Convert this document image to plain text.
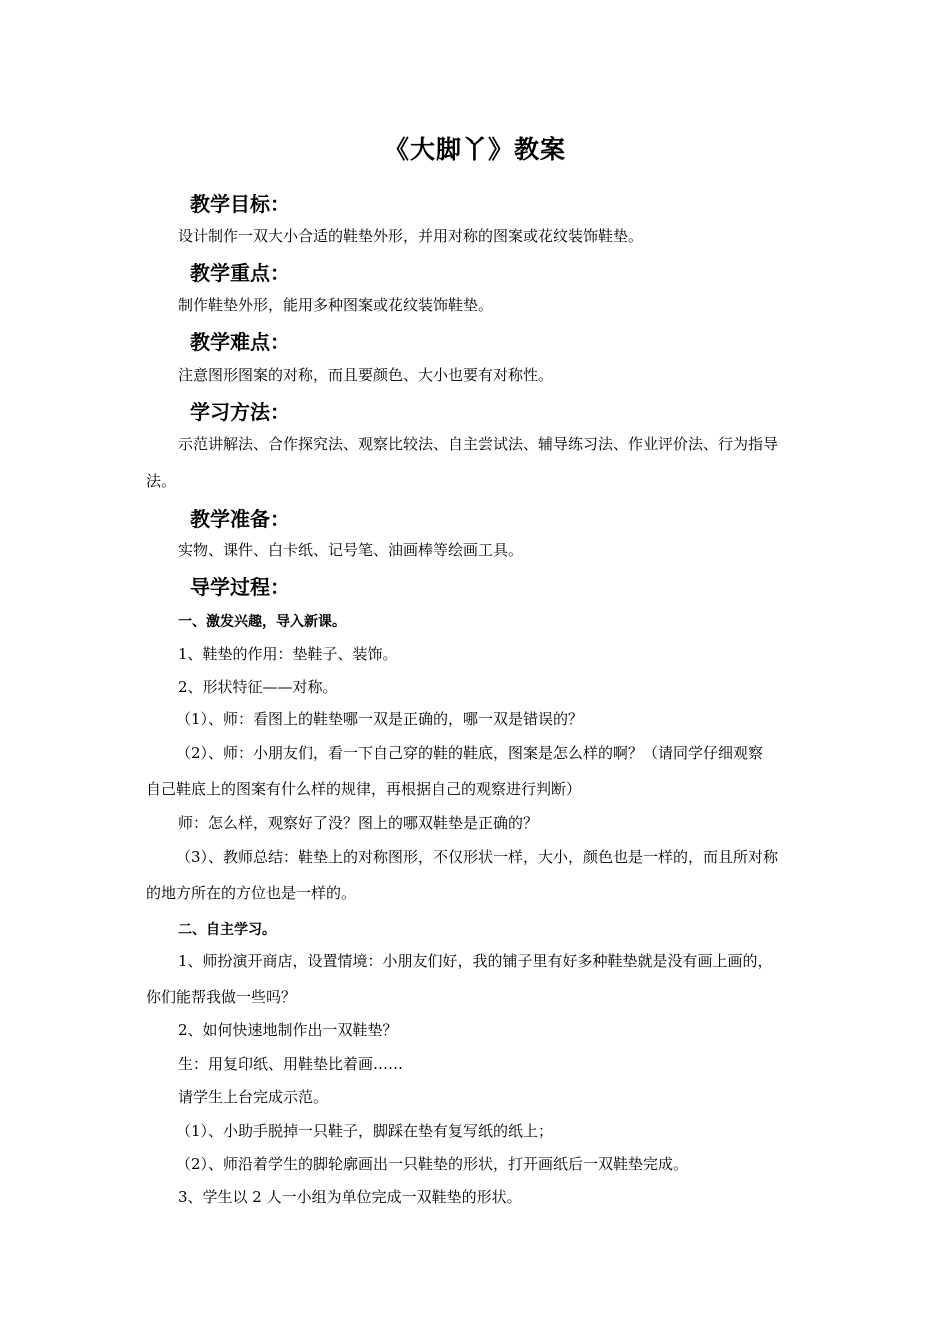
《大脚丫》教案
教学目标：
设计制作一双大小合适的鞋垫外形，并用对称的图案或花纹装饰鞋垫。
教学重点：
制作鞋垫外形，能用多种图案或花纹装饰鞋垫。
教学难点：
注意图形图案的对称，而且要颜色、大小也要有对称性。
学习方法：
示范讲解法、合作探究法、观察比较法、自主尝试法、辅导练习法、作业评价法、行为指导
法。
教学准备：
实物、课件、白卡纸、记号笔、油画棒等绘画工具。
导学过程：
一、激发兴趣，导入新课。
1、鞋垫的作用：垫鞋子、装饰。
2、形状特征——对称。
（1）、师：看图上的鞋垫哪一双是正确的，哪一双是错误的？
（2）、师：小朋友们，看一下自己穿的鞋的鞋底，图案是怎么样的啊？（请同学仔细观察
自己鞋底上的图案有什么样的规律，再根据自己的观察进行判断）
师：怎么样，观察好了没？图上的哪双鞋垫是正确的？
（3）、教师总结：鞋垫上的对称图形，不仅形状一样，大小，颜色也是一样的，而且所对称
的地方所在的方位也是一样的。
二、自主学习。
1、师扮演开商店，设置情境：小朋友们好，我的铺子里有好多种鞋垫就是没有画上画的，
你们能帮我做一些吗？
2、如何快速地制作出一双鞋垫？
生：用复印纸、用鞋垫比着画……
请学生上台完成示范。
（1）、小助手脱掉一只鞋子，脚踩在垫有复写纸的纸上；
（2）、师沿着学生的脚轮廓画出一只鞋垫的形状，打开画纸后一双鞋垫完成。
3、学生以 2 人一小组为单位完成一双鞋垫的形状。
